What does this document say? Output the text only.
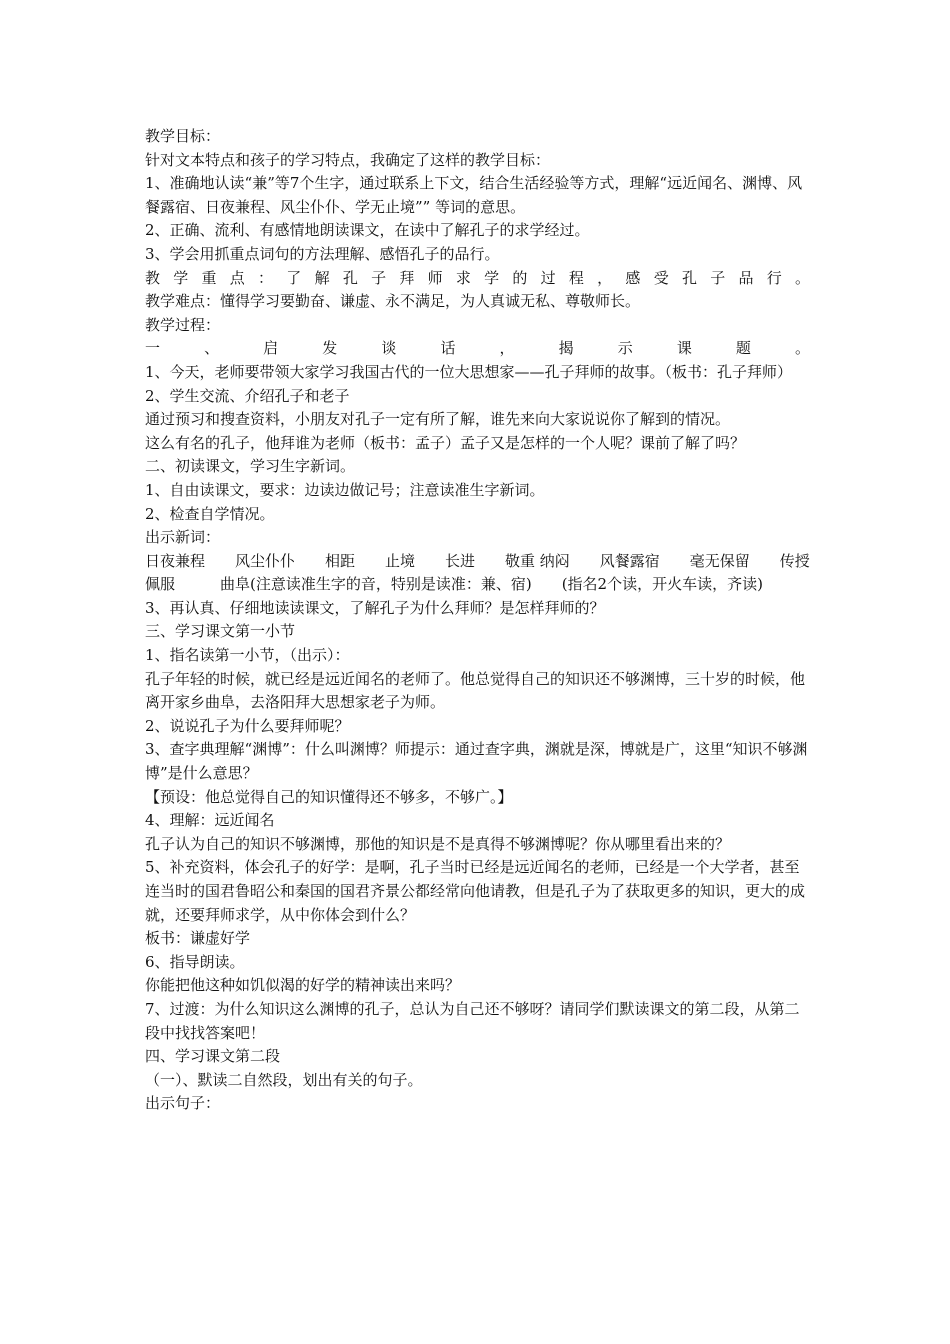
教学目标：

针对文本特点和孩子的学习特点，我确定了这样的教学目标：

1、准确地认读“兼”等7个生字，通过联系上下文，结合生活经验等方式，理解“远近闻名、渊博、风餐露宿、日夜兼程、风尘仆仆、学无止境”” 等词的意思。

2、正确、流利、有感情地朗读课文，在读中了解孔子的求学经过。

3、学会用抓重点词句的方法理解、感悟孔子的品行。

教 学 重 点 ： 了 解 孔 子 拜 师 求 学 的 过 程 ， 感 受 孔 子 品 行 。

教学难点：懂得学习要勤奋、谦虚、永不满足，为人真诚无私、尊敬师长。

教学过程：

一 、 启 发 谈 话 ， 揭 示 课 题 。

1、今天，老师要带领大家学习我国古代的一位大思想家——孔子拜师的故事。（板书：孔子拜师）

2、学生交流、介绍孔子和老子

通过预习和搜查资料，小朋友对孔子一定有所了解，谁先来向大家说说你了解到的情况。

这么有名的孔子，他拜谁为老师（板书：孟子）孟子又是怎样的一个人呢？课前了解了吗？

二、初读课文，学习生字新词。

1、自由读课文，要求：边读边做记号；注意读准生字新词。

2、检查自学情况。

出示新词：

日夜兼程　　风尘仆仆　　相距　　止境　　长进　　敬重 纳闷　　风餐露宿　　毫无保留　　传授　　佩服　　　曲阜(注意读准生字的音，特别是读准：兼、宿)　　(指名2个读，开火车读，齐读)

3、再认真、仔细地读读课文，了解孔子为什么拜师？是怎样拜师的？

三、学习课文第一小节

1、指名读第一小节，（出示）：

孔子年轻的时候，就已经是远近闻名的老师了。他总觉得自己的知识还不够渊博，三十岁的时候，他离开家乡曲阜，去洛阳拜大思想家老子为师。

2、说说孔子为什么要拜师呢？

3、查字典理解“渊博”：什么叫渊博？师提示：通过查字典，渊就是深，博就是广，这里“知识不够渊博”是什么意思？

【预设：他总觉得自己的知识懂得还不够多，不够广。】

4、理解：远近闻名

孔子认为自己的知识不够渊博，那他的知识是不是真得不够渊博呢？你从哪里看出来的？

5、补充资料，体会孔子的好学：是啊，孔子当时已经是远近闻名的老师，已经是一个大学者，甚至连当时的国君鲁昭公和秦国的国君齐景公都经常向他请教，但是孔子为了获取更多的知识，更大的成就，还要拜师求学，从中你体会到什么？

板书：谦虚好学

6、指导朗读。

你能把他这种如饥似渴的好学的精神读出来吗？

7、过渡：为什么知识这么渊博的孔子，总认为自己还不够呀？请同学们默读课文的第二段，从第二段中找找答案吧！

四、学习课文第二段

（一）、默读二自然段，划出有关的句子。

出示句子：
